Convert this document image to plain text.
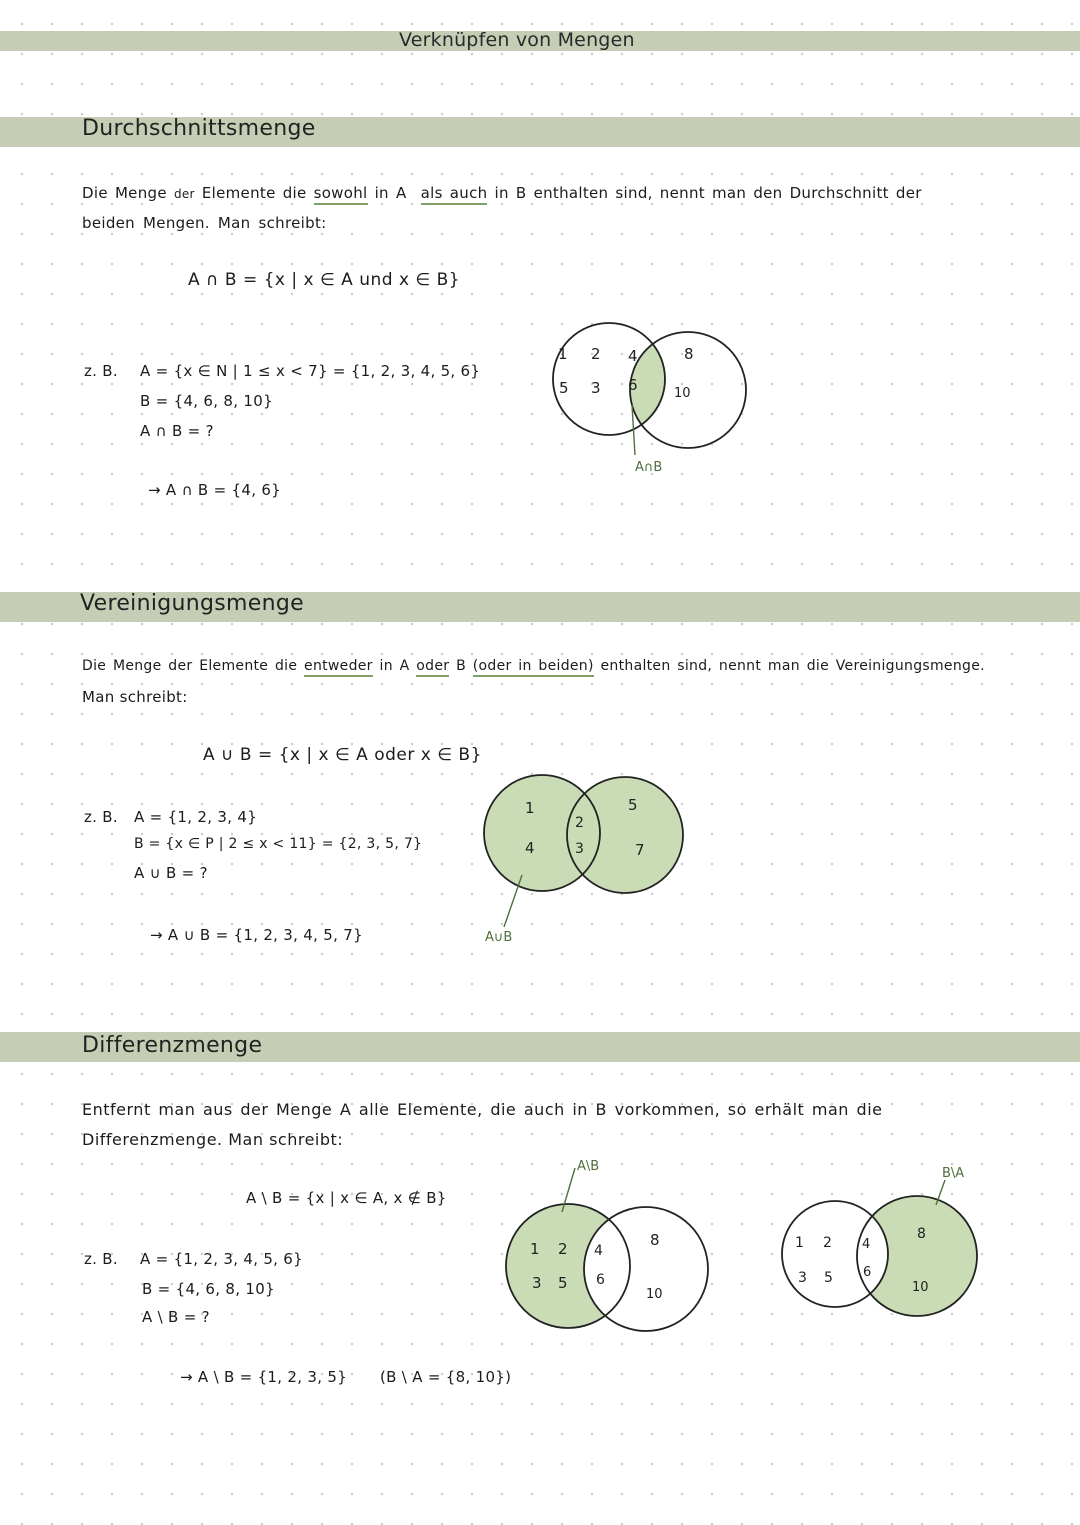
Verknüpfen von Mengen
Durchschnittsmenge
Die Menge der Elemente die sowohl in A als auch in B enthalten sind, nennt man den Durchschnitt der
beiden Mengen. Man schreibt:
A ∩ B = {x | x ∈ A und x ∈ B}
z. B. A = {x ∈ N | 1 ≤ x < 7} = {1, 2, 3, 4, 5, 6}
B = {4, 6, 8, 10}
A ∩ B = ?
→ A ∩ B = {4, 6}
1 2
5 3
4
6
8
10
A∩B
Vereinigungsmenge
Die Menge der Elemente die entweder in A oder B (oder in beiden) enthalten sind, nennt man die Vereinigungsmenge.
Man schreibt:
A ∪ B = {x | x ∈ A oder x ∈ B}
z. B. A = {1, 2, 3, 4}
B = {x ∈ P | 2 ≤ x < 11} = {2, 3, 5, 7}
A ∪ B = ?
→ A ∪ B = {1, 2, 3, 4, 5, 7}
1
4
2
3
5
7
A∪B
Differenzmenge
Entfernt man aus der Menge A alle Elemente, die auch in B vorkommen, so erhält man die
Differenzmenge. Man schreibt:
A \ B = {x | x ∈ A, x ∉ B}
z. B. A = {1, 2, 3, 4, 5, 6}
B = {4, 6, 8, 10}
A \ B = ?
→ A \ B = {1, 2, 3, 5} (B \ A = {8, 10})
1 2
3 5
4
6
8
10
A\B
1 2
3 5
4
6
8
10
B\A
